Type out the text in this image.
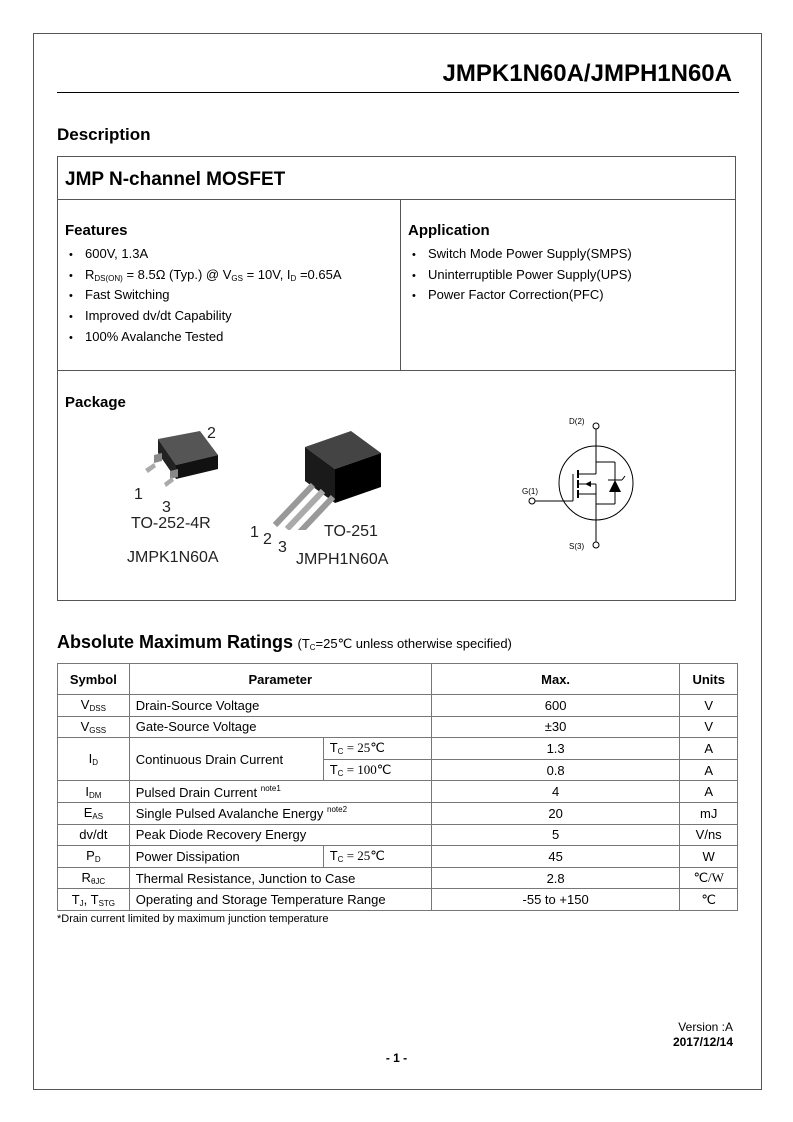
JMPK1N60A/JMPH1N60A
Description
JMP N-channel MOSFET
Features
• 600V, 1.3A
• $R_{DS(ON)} = 8.5\Omega$ (Typ.) @ $V_{GS} = 10V$, $I_D =0.65A$
• Fast Switching
• Improved dv/dt Capability
• 100% Avalanche Tested
Application
• Switch Mode Power Supply(SMPS)
• Uninterruptible Power Supply(UPS)
• Power Factor Correction(PFC)
Package
2
1
3
TO-252-4R
JMPK1N60A
1 2 3
TO-251
JMPH1N60A
D(2)
G(1)
S(3)
Absolute Maximum Ratings ($T_C=25℃$ unless otherwise specified)
Symbol	Parameter		Max.	Units
$V_{DSS}$	Drain-Source Voltage		600	V
$V_{GSS}$	Gate-Source Voltage		±30	V
$I_D$	Continuous Drain Current	$T_C$ = 25℃	1.3	A
		$T_C$ = 100℃	0.8	A
$I_{DM}$	Pulsed Drain Current $^{note1}$		4	A
$E_{AS}$	Single Pulsed Avalanche Energy $^{note2}$		20	mJ
dv/dt	Peak Diode Recovery Energy		5	V/ns
$P_D$	Power Dissipation	$T_C$ = 25℃	45	W
$R_{\theta JC}$	Thermal Resistance, Junction to Case		2.8	℃/W
$T_J$, $T_{STG}$	Operating and Storage Temperature Range		-55 to +150	℃
*Drain current limited by maximum junction temperature
Version :A
2017/12/14
- 1 -
